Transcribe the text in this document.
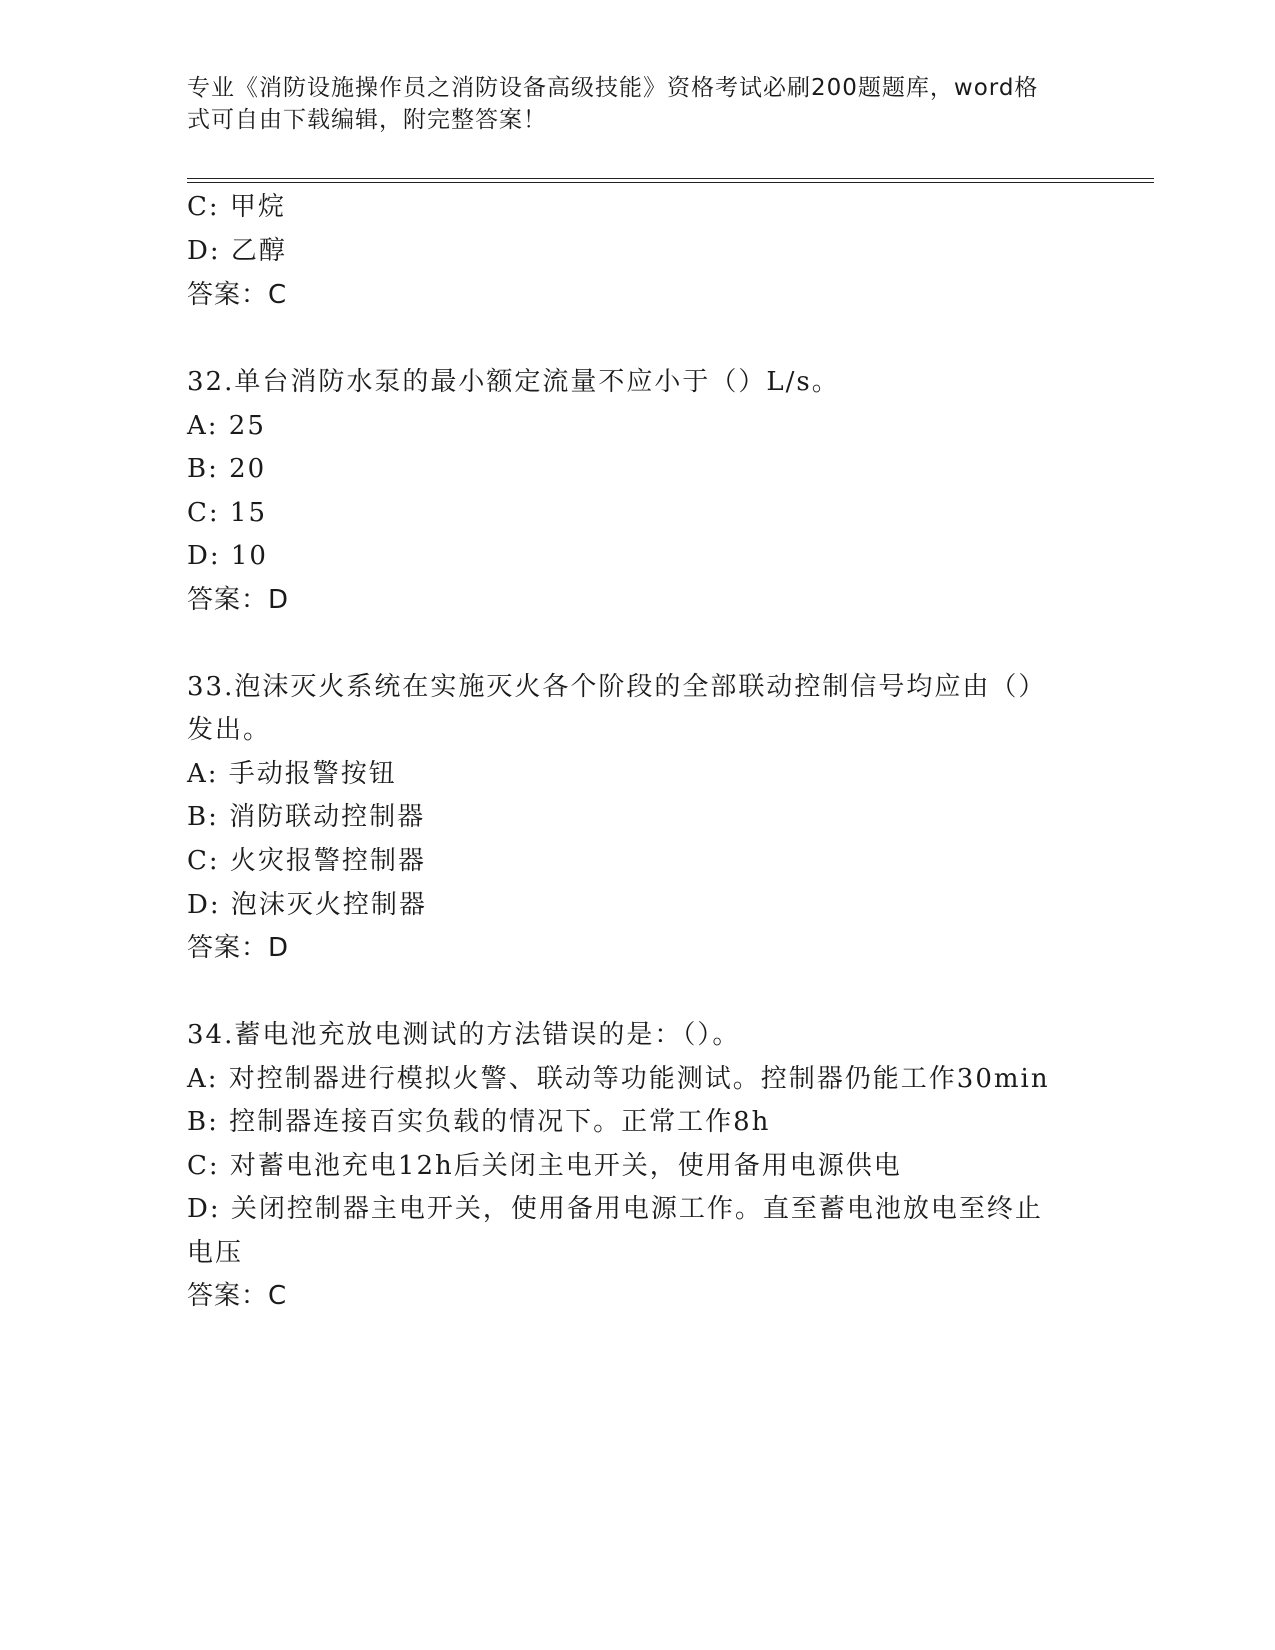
专业《消防设施操作员之消防设备高级技能》资格考试必刷200题题库，word格
式可自由下载编辑，附完整答案！
C: 甲烷
D: 乙醇
答案：C
32.单台消防水泵的最小额定流量不应小于（）L/s。
A: 25
B: 20
C: 15
D: 10
答案：D
33.泡沫灭火系统在实施灭火各个阶段的全部联动控制信号均应由（）
发出。
A: 手动报警按钮
B: 消防联动控制器
C: 火灾报警控制器
D: 泡沫灭火控制器
答案：D
34.蓄电池充放电测试的方法错误的是：（）。
A: 对控制器进行模拟火警、联动等功能测试。控制器仍能工作30min
B: 控制器连接百实负载的情况下。正常工作8h
C: 对蓄电池充电12h后关闭主电开关，使用备用电源供电
D: 关闭控制器主电开关，使用备用电源工作。直至蓄电池放电至终止
电压
答案：C
